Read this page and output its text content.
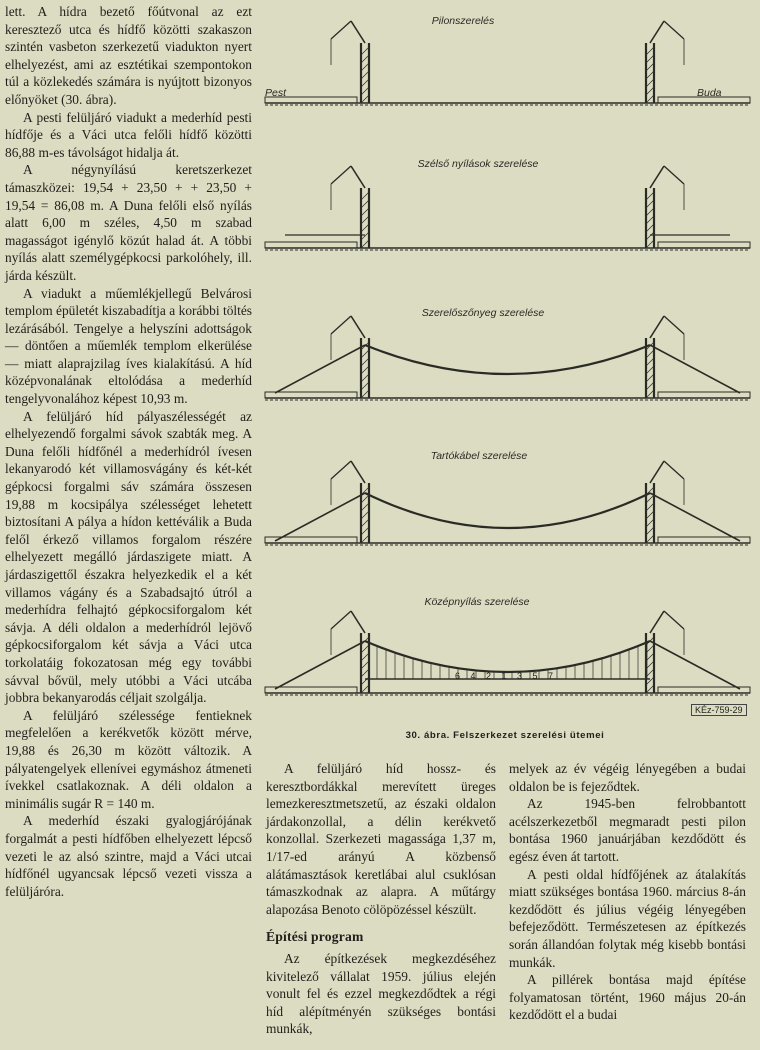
lett. A hídra bezető főútvonal az ezt keresztező utca és hídfő közötti szakaszon szintén vasbeton szerkezetű viadukton nyert elhelyezést, ami az esztétikai szempontokon túl a közlekedés számára is nyújtott bizonyos előnyöket (30. ábra).

A pesti felüljáró viadukt a mederhíd pesti hídfője és a Váci utca felőli hídfő közötti 86,88 m-es távolságot hidalja át.

A négynyílású keretszerkezet támaszközei: 19,54 + 23,50 + + 23,50 + 19,54 = 86,08 m. A Duna felőli első nyílás alatt 6,00 m széles, 4,50 m szabad magasságot igénylő közút halad át. A többi nyílás alatt személygépkocsi parkolóhely, ill. járda készült.

A viadukt a műemlékjellegű Belvárosi templom épületét kiszabadítja a korábbi töltés lezárásából. Tengelye a helyszíni adottságok — döntően a műemlék templom elkerülése — miatt alaprajzilag íves kialakítású. A híd középvonalának eltolódása a mederhíd tengelyvonalához képest 10,93 m.

A felüljáró híd pályaszélességét az elhelyezendő forgalmi sávok szabták meg. A Duna felőli hídfőnél a mederhídról ívesen lekanyarodó két villamosvágány és két-két gépkocsi forgalmi sáv számára összesen 19,88 m kocsipálya szélességet lehetett biztosítani A pálya a hídon kettéválik a Buda felől érkező villamos forgalom részére elhelyezett megálló járdaszigete miatt. A járdaszigettől északra helyezkedik el a két villamos vágány és a Szabadsajtó útról a mederhídra felhajtó gépkocsiforgalom két sávja. A déli oldalon a mederhídról lejövő gépkocsiforgalom két sávja a Váci utca torkolatáig fokozatosan még egy további sávval bővül, mely utóbbi a Váci utcába jobbra bekanyarodás céljait szolgálja.

A felüljáró szélessége fentieknek megfelelően a kerékvetők között mérve, 19,88 és 26,30 m között változik. A pályatengelyek ellenívei egymáshoz átmeneti ívekkel csatlakoznak. A déli oldalon a minimális sugár R = 140 m.

A mederhíd északi gyalogjárójának forgalmát a pesti hídfőben elhelyezett lépcső vezeti le az alsó szintre, majd a Váci utcai hídfőnél ugyancsak lépcső vezeti vissza a felüljáróra.

Pilonszerelés
Szélső nyílások szerelése
Szerelőszőnyeg szerelése
Tartókábel szerelése
Középnyílás szerelése
Pest	Buda
6 4 2 1 3 5 7
KÉz-759-29
30. ábra. Felszerkezet szerelési ütemei

A felüljáró híd hossz- és keresztbordákkal merevített üreges lemezkeresztmetszetű, az északi oldalon járdakonzollal, a délin kerékvető konzollal. Szerkezeti magassága 1,37 m, 1/17-ed arányú A közbenső alátámasztások keretlábai alul csuklósan támaszkodnak az alapra. A műtárgy alapozása Benoto cölöpözéssel készült.

Építési program

Az építkezések megkezdéséhez kivitelező vállalat 1959. július elején vonult fel és ezzel megkezdődtek a régi híd alépítményén szükséges bontási munkák,

melyek az év végéig lényegében a budai oldalon be is fejeződtek.

Az 1945-ben felrobbantott acélszerkezetből megmaradt pesti pilon bontása 1960 januárjában kezdődött és egész éven át tartott.

A pesti oldal hídfőjének az átalakítás miatt szükséges bontása 1960. március 8-án kezdődött és július végéig lényegében befejeződött. Természetesen az építkezés során állandóan folytak még kisebb bontási munkák.

A pillérek bontása majd építése folyamatosan történt, 1960 május 20-án kezdődött el a budai
